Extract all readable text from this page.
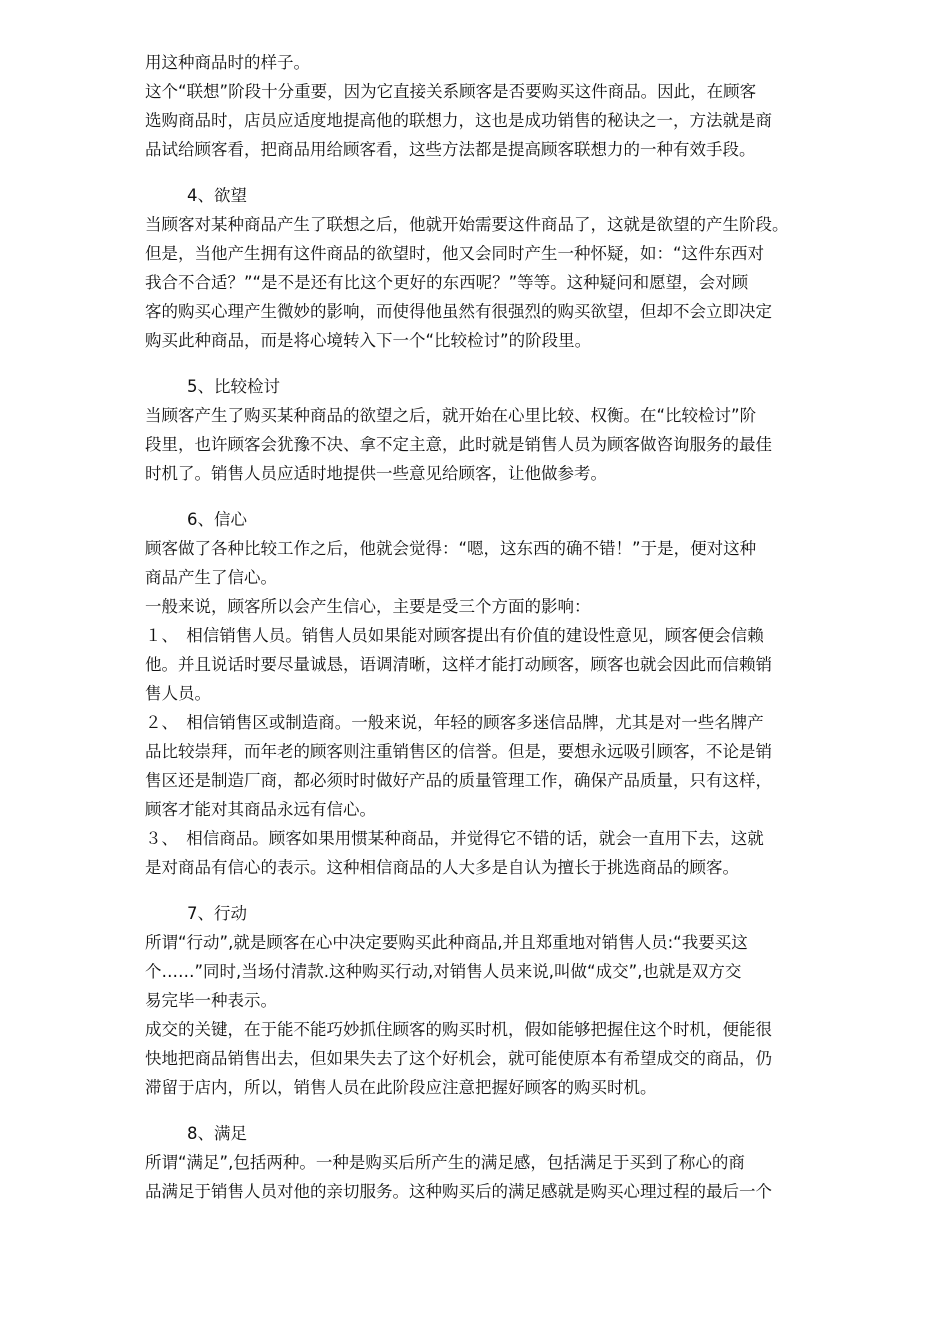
用这种商品时的样子。
这个“联想”阶段十分重要，因为它直接关系顾客是否要购买这件商品。因此，在顾客
选购商品时，店员应适度地提高他的联想力，这也是成功销售的秘诀之一，方法就是商
品试给顾客看，把商品用给顾客看，这些方法都是提高顾客联想力的一种有效手段。
4、欲望
当顾客对某种商品产生了联想之后，他就开始需要这件商品了，这就是欲望的产生阶段。
但是，当他产生拥有这件商品的欲望时，他又会同时产生一种怀疑，如：“这件东西对
我合不合适？”“是不是还有比这个更好的东西呢？”等等。这种疑问和愿望，会对顾
客的购买心理产生微妙的影响，而使得他虽然有很强烈的购买欲望，但却不会立即决定
购买此种商品，而是将心境转入下一个“比较检讨”的阶段里。
5、比较检讨
当顾客产生了购买某种商品的欲望之后，就开始在心里比较、权衡。在“比较检讨”阶
段里，也许顾客会犹豫不决、拿不定主意，此时就是销售人员为顾客做咨询服务的最佳
时机了。销售人员应适时地提供一些意见给顾客，让他做参考。
6、信心
顾客做了各种比较工作之后，他就会觉得：“嗯，这东西的确不错！”于是，便对这种
商品产生了信心。
一般来说，顾客所以会产生信心，主要是受三个方面的影响：
１、　相信销售人员。销售人员如果能对顾客提出有价值的建设性意见，顾客便会信赖
他。并且说话时要尽量诚恳，语调清晰，这样才能打动顾客，顾客也就会因此而信赖销
售人员。
２、　相信销售区或制造商。一般来说，年轻的顾客多迷信品牌，尤其是对一些名牌产
品比较崇拜，而年老的顾客则注重销售区的信誉。但是，要想永远吸引顾客，不论是销
售区还是制造厂商，都必须时时做好产品的质量管理工作，确保产品质量，只有这样，
顾客才能对其商品永远有信心。
３、　相信商品。顾客如果用惯某种商品，并觉得它不错的话，就会一直用下去，这就
是对商品有信心的表示。这种相信商品的人大多是自认为擅长于挑选商品的顾客。
7、行动
所谓“行动”,就是顾客在心中决定要购买此种商品,并且郑重地对销售人员:“我要买这
个……”同时,当场付清款.这种购买行动,对销售人员来说,叫做“成交”,也就是双方交
易完毕一种表示。
成交的关键，在于能不能巧妙抓住顾客的购买时机，假如能够把握住这个时机，便能很
快地把商品销售出去，但如果失去了这个好机会，就可能使原本有希望成交的商品，仍
滞留于店内，所以，销售人员在此阶段应注意把握好顾客的购买时机。
8、满足
所谓“满足”,包括两种。一种是购买后所产生的满足感，包括满足于买到了称心的商
品满足于销售人员对他的亲切服务。这种购买后的满足感就是购买心理过程的最后一个
